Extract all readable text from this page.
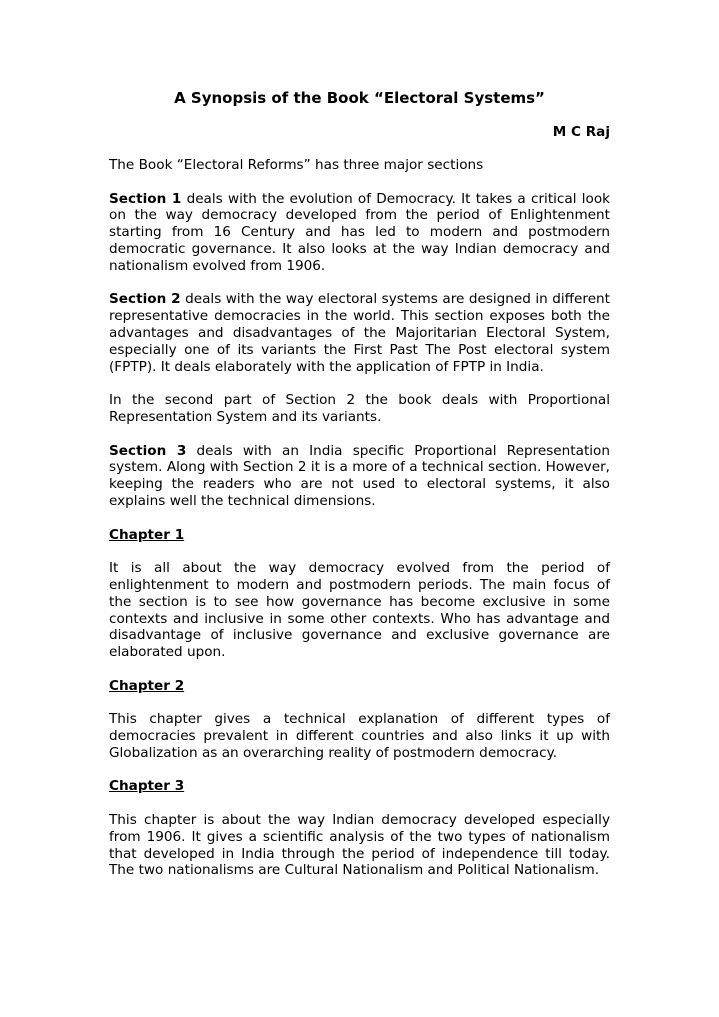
A Synopsis of the Book “Electoral Systems”
M C Raj

The Book “Electoral Reforms” has three major sections

Section 1 deals with the evolution of Democracy. It takes a critical look on the way democracy developed from the period of Enlightenment starting from 16 Century and has led to modern and postmodern democratic governance. It also looks at the way Indian democracy and nationalism evolved from 1906.

Section 2 deals with the way electoral systems are designed in different representative democracies in the world. This section exposes both the advantages and disadvantages of the Majoritarian Electoral System, especially one of its variants the First Past The Post electoral system (FPTP). It deals elaborately with the application of FPTP in India.

In the second part of Section 2 the book deals with Proportional Representation System and its variants.

Section 3 deals with an India specific Proportional Representation system. Along with Section 2 it is a more of a technical section. However, keeping the readers who are not used to electoral systems, it also explains well the technical dimensions.

Chapter 1

It is all about the way democracy evolved from the period of enlightenment to modern and postmodern periods. The main focus of the section is to see how governance has become exclusive in some contexts and inclusive in some other contexts. Who has advantage and disadvantage of inclusive governance and exclusive governance are elaborated upon.

Chapter 2

This chapter gives a technical explanation of different types of democracies prevalent in different countries and also links it up with Globalization as an overarching reality of postmodern democracy.

Chapter 3

This chapter is about the way Indian democracy developed especially from 1906. It gives a scientific analysis of the two types of nationalism that developed in India through the period of independence till today. The two nationalisms are Cultural Nationalism and Political Nationalism.
